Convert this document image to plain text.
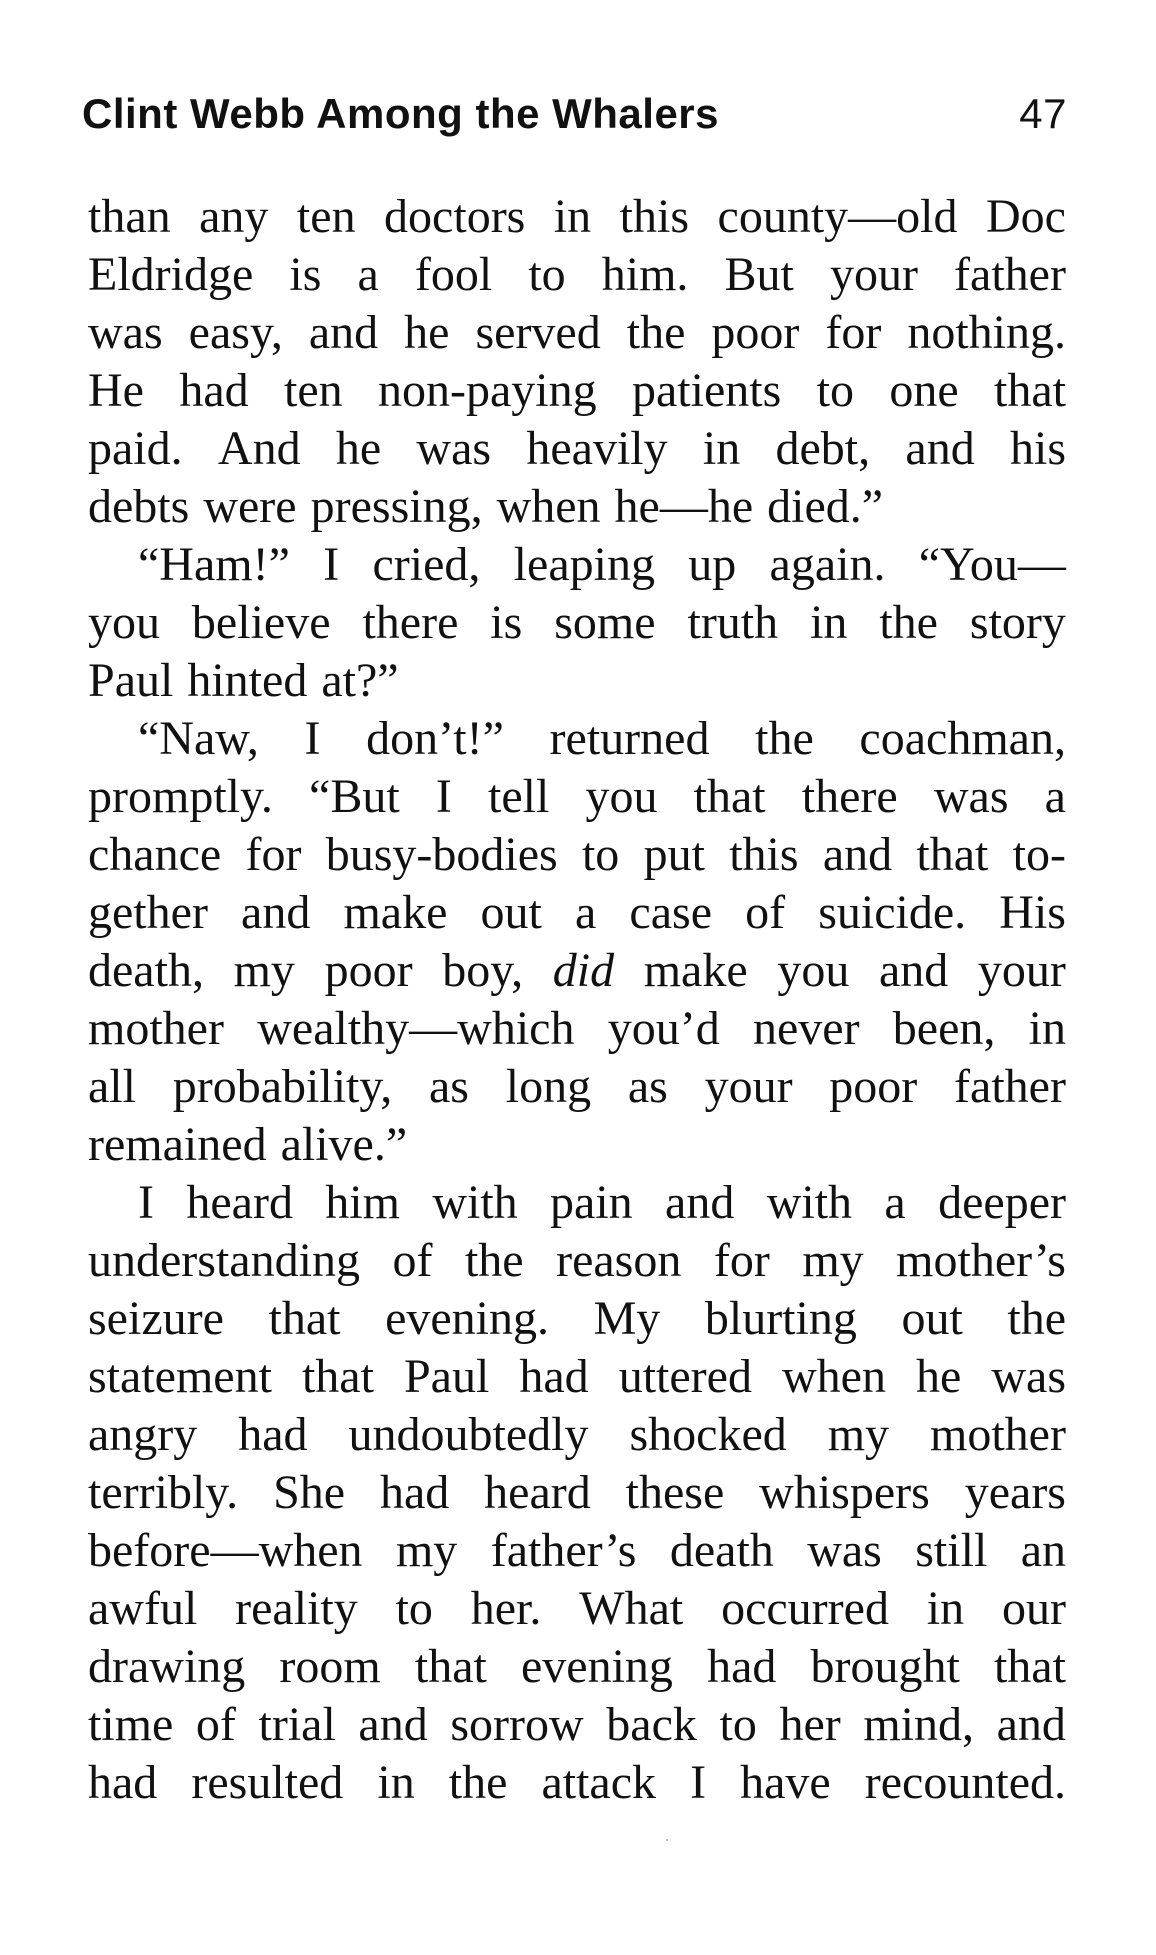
Clint Webb Among the Whalers	47
than any ten doctors in this county—old Doc
Eldridge is a fool to him. But your father
was easy, and he served the poor for nothing.
He had ten non-paying patients to one that
paid. And he was heavily in debt, and his
debts were pressing, when he—he died.”
“Ham!” I cried, leaping up again. “You—
you believe there is some truth in the story
Paul hinted at?”
“Naw, I don’t!” returned the coachman,
promptly. “But I tell you that there was a
chance for busy-bodies to put this and that to-
gether and make out a case of suicide. His
death, my poor boy, did make you and your
mother wealthy—which you’d never been, in
all probability, as long as your poor father
remained alive.”
I heard him with pain and with a deeper
understanding of the reason for my mother’s
seizure that evening. My blurting out the
statement that Paul had uttered when he was
angry had undoubtedly shocked my mother
terribly. She had heard these whispers years
before—when my father’s death was still an
awful reality to her. What occurred in our
drawing room that evening had brought that
time of trial and sorrow back to her mind, and
had resulted in the attack I have recounted.
